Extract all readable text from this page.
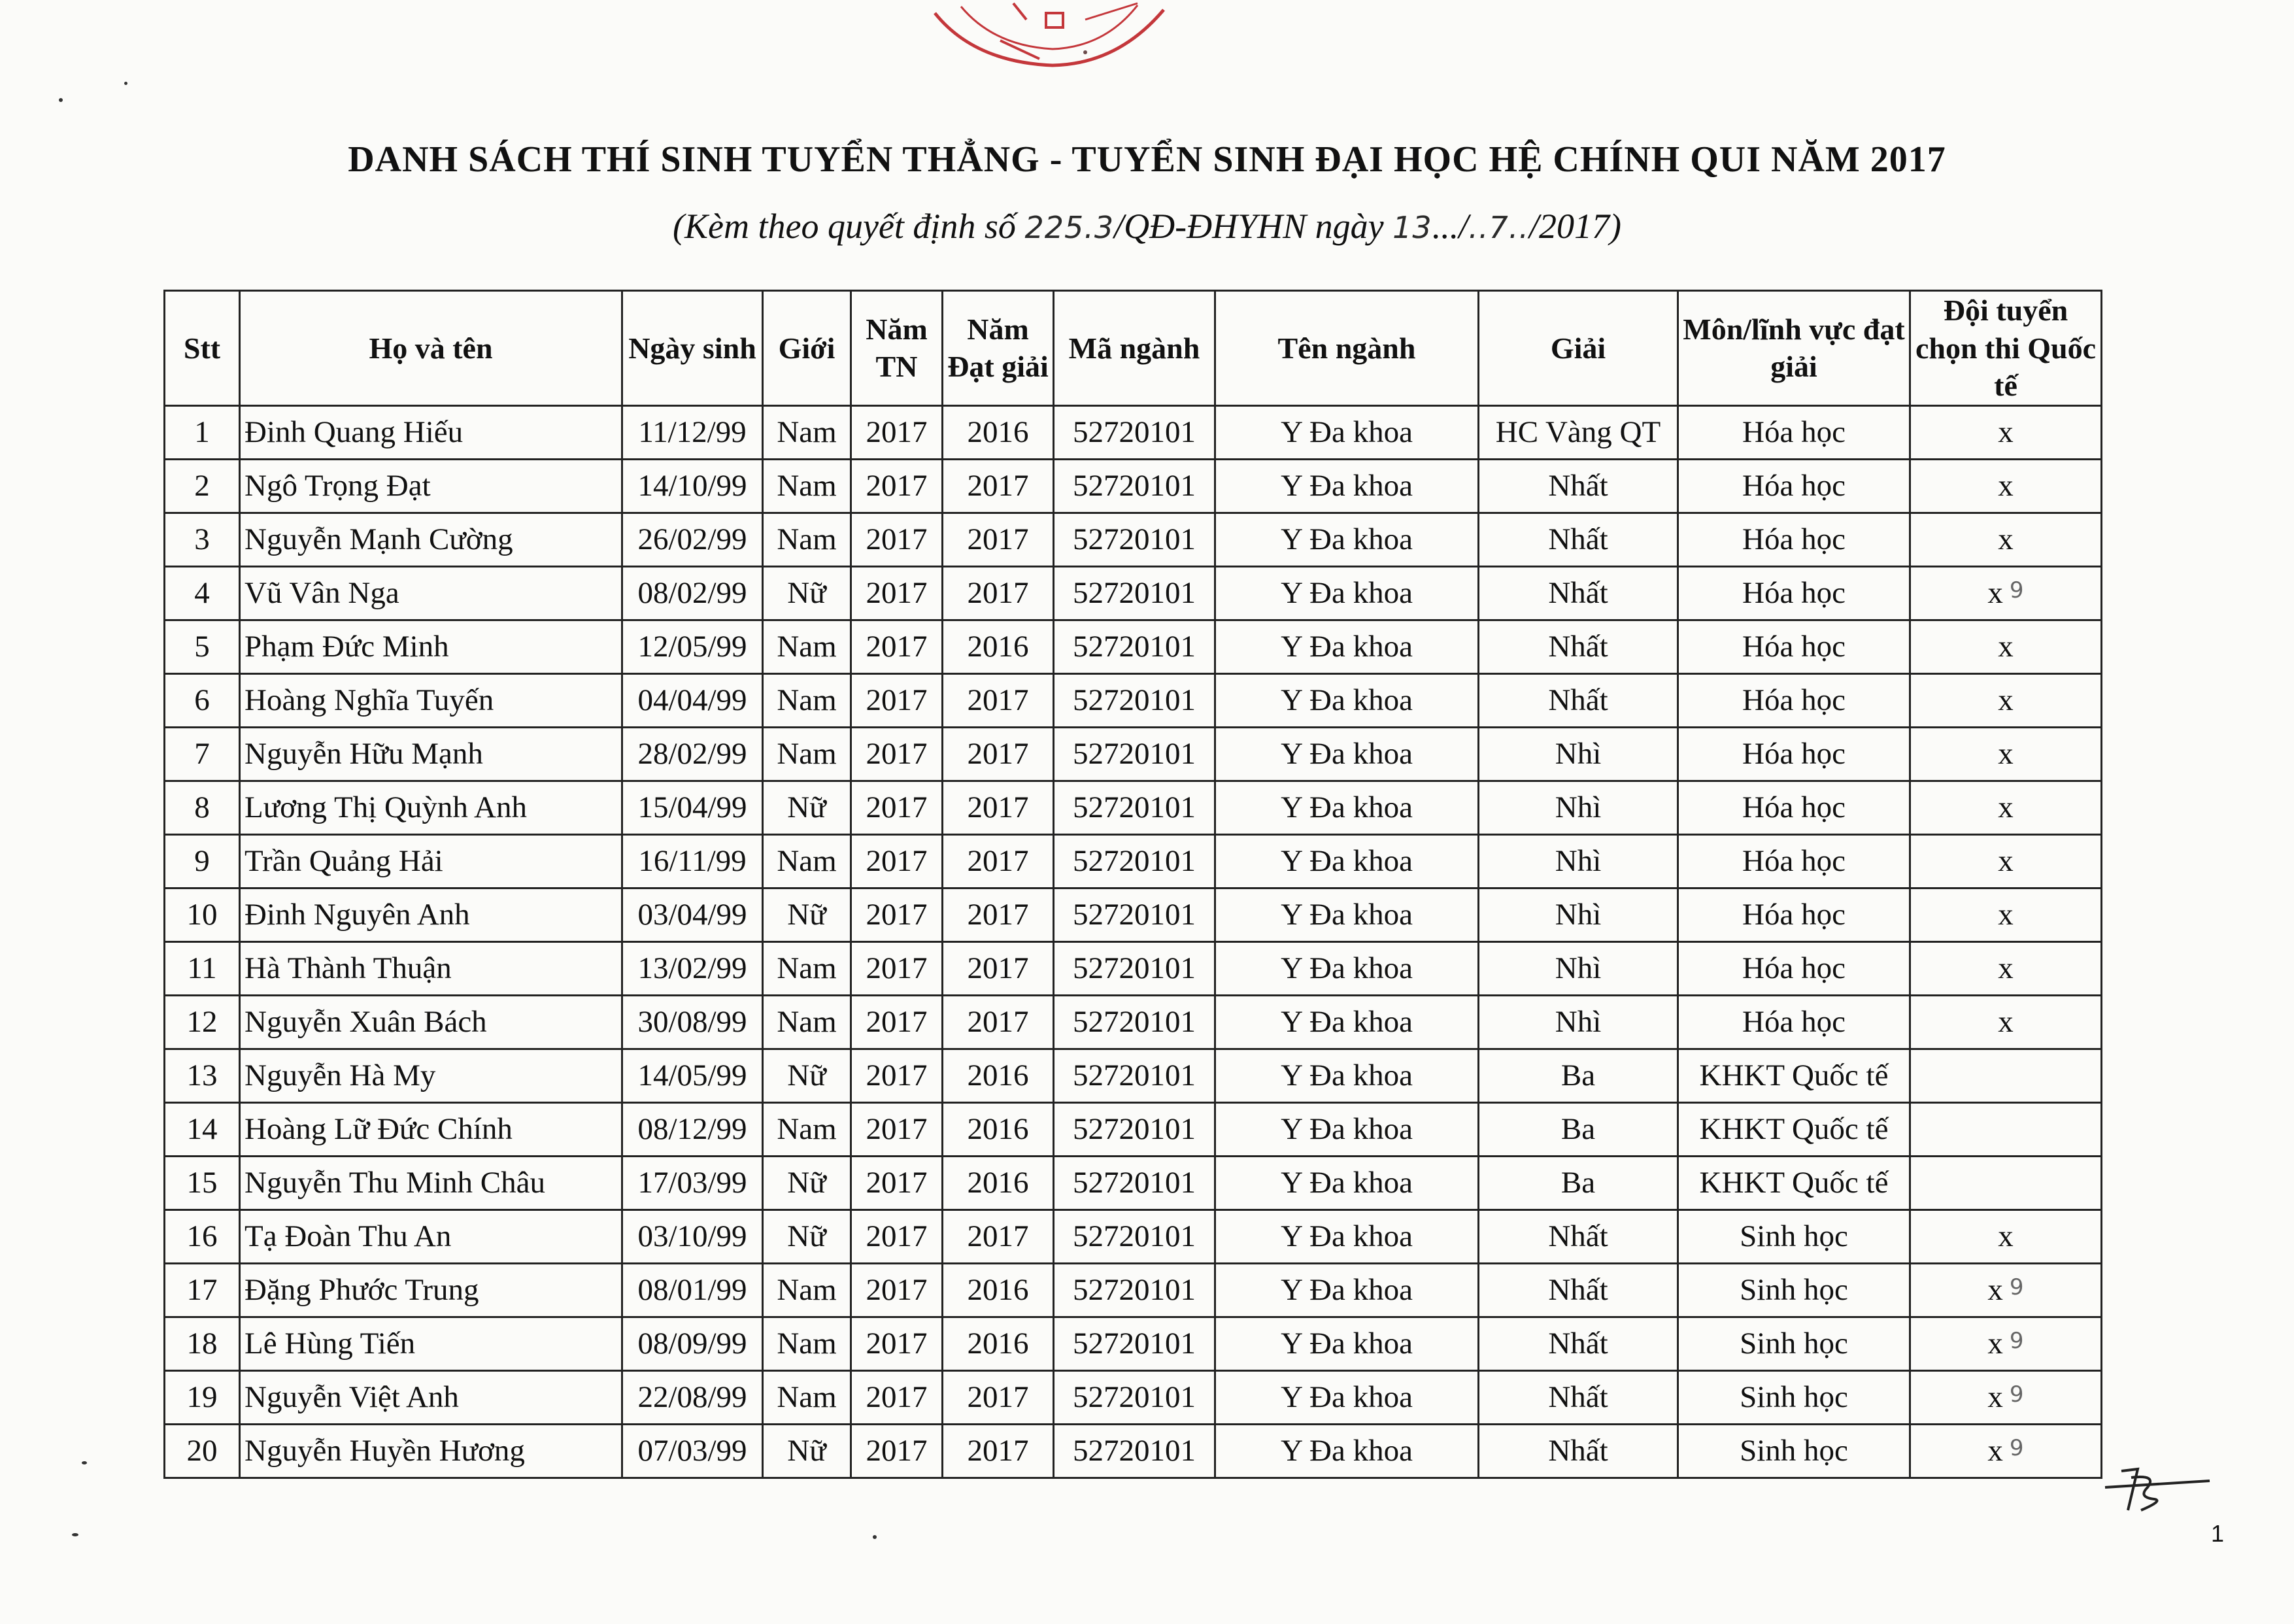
DANH SÁCH THÍ SINH TUYỂN THẲNG - TUYỂN SINH ĐẠI HỌC HỆ CHÍNH QUI NĂM 2017
(Kèm theo quyết định số 225.3/QĐ-ĐHYHN ngày 13.../..7../2017)
Stt	Họ và tên	Ngày sinh	Giới	Năm TN	Năm Đạt giải	Mã ngành	Tên ngành	Giải	Môn/lĩnh vực đạt giải	Đội tuyển chọn thi Quốc tế
1	Đinh Quang Hiếu	11/12/99	Nam	2017	2016	52720101	Y Đa khoa	HC Vàng QT	Hóa học	x
2	Ngô Trọng Đạt	14/10/99	Nam	2017	2017	52720101	Y Đa khoa	Nhất	Hóa học	x
3	Nguyễn Mạnh Cường	26/02/99	Nam	2017	2017	52720101	Y Đa khoa	Nhất	Hóa học	x
4	Vũ Vân Nga	08/02/99	Nữ	2017	2017	52720101	Y Đa khoa	Nhất	Hóa học	x 9
5	Phạm Đức Minh	12/05/99	Nam	2017	2016	52720101	Y Đa khoa	Nhất	Hóa học	x
6	Hoàng Nghĩa Tuyến	04/04/99	Nam	2017	2017	52720101	Y Đa khoa	Nhất	Hóa học	x
7	Nguyễn Hữu Mạnh	28/02/99	Nam	2017	2017	52720101	Y Đa khoa	Nhì	Hóa học	x
8	Lương Thị Quỳnh Anh	15/04/99	Nữ	2017	2017	52720101	Y Đa khoa	Nhì	Hóa học	x
9	Trần Quảng Hải	16/11/99	Nam	2017	2017	52720101	Y Đa khoa	Nhì	Hóa học	x
10	Đinh Nguyên Anh	03/04/99	Nữ	2017	2017	52720101	Y Đa khoa	Nhì	Hóa học	x
11	Hà Thành Thuận	13/02/99	Nam	2017	2017	52720101	Y Đa khoa	Nhì	Hóa học	x
12	Nguyễn Xuân Bách	30/08/99	Nam	2017	2017	52720101	Y Đa khoa	Nhì	Hóa học	x
13	Nguyễn Hà My	14/05/99	Nữ	2017	2016	52720101	Y Đa khoa	Ba	KHKT Quốc tế	
14	Hoàng Lữ Đức Chính	08/12/99	Nam	2017	2016	52720101	Y Đa khoa	Ba	KHKT Quốc tế	
15	Nguyễn Thu Minh Châu	17/03/99	Nữ	2017	2016	52720101	Y Đa khoa	Ba	KHKT Quốc tế	
16	Tạ Đoàn Thu An	03/10/99	Nữ	2017	2017	52720101	Y Đa khoa	Nhất	Sinh học	x
17	Đặng Phước Trung	08/01/99	Nam	2017	2016	52720101	Y Đa khoa	Nhất	Sinh học	x 9
18	Lê Hùng Tiến	08/09/99	Nam	2017	2016	52720101	Y Đa khoa	Nhất	Sinh học	x 9
19	Nguyễn Việt Anh	22/08/99	Nam	2017	2017	52720101	Y Đa khoa	Nhất	Sinh học	x 9
20	Nguyễn Huyền Hương	07/03/99	Nữ	2017	2017	52720101	Y Đa khoa	Nhất	Sinh học	x 9
1
